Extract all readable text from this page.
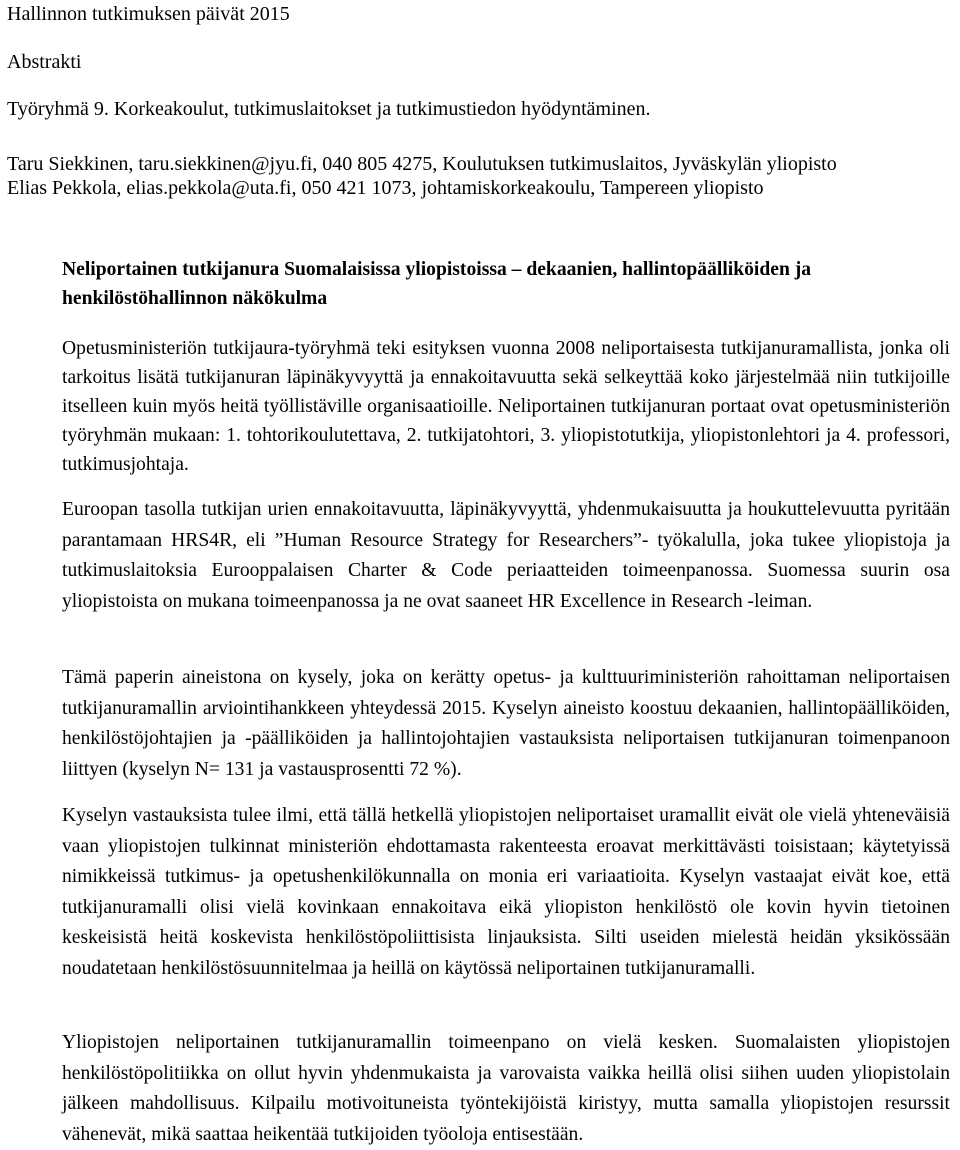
Hallinnon tutkimuksen päivät 2015
Abstrakti
Työryhmä 9. Korkeakoulut, tutkimuslaitokset ja tutkimustiedon hyödyntäminen.
Taru Siekkinen, taru.siekkinen@jyu.fi, 040 805 4275, Koulutuksen tutkimuslaitos, Jyväskylän yliopisto
Elias Pekkola, elias.pekkola@uta.fi, 050 421 1073, johtamiskorkeakoulu, Tampereen yliopisto
Neliportainen tutkijanura Suomalaisissa yliopistoissa – dekaanien, hallintopäälliköiden ja henkilöstöhallinnon näkökulma

Opetusministeriön tutkijaura-työryhmä teki esityksen vuonna 2008 neliportaisesta tutkijanuramallista, jonka oli tarkoitus lisätä tutkijanuran läpinäkyvyyttä ja ennakoitavuutta sekä selkeyttää koko järjestelmää niin tutkijoille itselleen kuin myös heitä työllistäville organisaatioille. Neliportainen tutkijanuran portaat ovat opetusministeriön työryhmän mukaan: 1. tohtorikoulutettava, 2. tutkijatohtori, 3. yliopistotutkija, yliopistonlehtori ja 4. professori, tutkimusjohtaja.

Euroopan tasolla tutkijan urien ennakoitavuutta, läpinäkyvyyttä, yhdenmukaisuutta ja houkuttelevuutta pyritään parantamaan HRS4R, eli ”Human Resource Strategy for Researchers”- työkalulla, joka tukee yliopistoja ja tutkimuslaitoksia Eurooppalaisen Charter & Code periaatteiden toimeenpanossa. Suomessa suurin osa yliopistoista on mukana toimeenpanossa ja ne ovat saaneet HR Excellence in Research -leiman.

Tämä paperin aineistona on kysely, joka on kerätty opetus- ja kulttuuriministeriön rahoittaman neliportaisen tutkijanuramallin arviointihankkeen yhteydessä 2015. Kyselyn aineisto koostuu dekaanien, hallintopäälliköiden, henkilöstöjohtajien ja -päälliköiden ja hallintojohtajien vastauksista neliportaisen tutkijanuran toimenpanoon liittyen (kyselyn N= 131 ja vastausprosentti 72 %).

Kyselyn vastauksista tulee ilmi, että tällä hetkellä yliopistojen neliportaiset uramallit eivät ole vielä yhteneväisiä vaan yliopistojen tulkinnat ministeriön ehdottamasta rakenteesta eroavat merkittävästi toisistaan; käytetyissä nimikkeissä tutkimus- ja opetushenkilökunnalla on monia eri variaatioita. Kyselyn vastaajat eivät koe, että tutkijanuramalli olisi vielä kovinkaan ennakoitava eikä yliopiston henkilöstö ole kovin hyvin tietoinen keskeisistä heitä koskevista henkilöstöpoliittisista linjauksista. Silti useiden mielestä heidän yksikössään noudatetaan henkilöstösuunnitelmaa ja heillä on käytössä neliportainen tutkijanuramalli.

Yliopistojen neliportainen tutkijanuramallin toimeenpano on vielä kesken. Suomalaisten yliopistojen henkilöstöpolitiikka on ollut hyvin yhdenmukaista ja varovaista vaikka heillä olisi siihen uuden yliopistolain jälkeen mahdollisuus. Kilpailu motivoituneista työntekijöistä kiristyy, mutta samalla yliopistojen resurssit vähenevät, mikä saattaa heikentää tutkijoiden työoloja entisestään.
